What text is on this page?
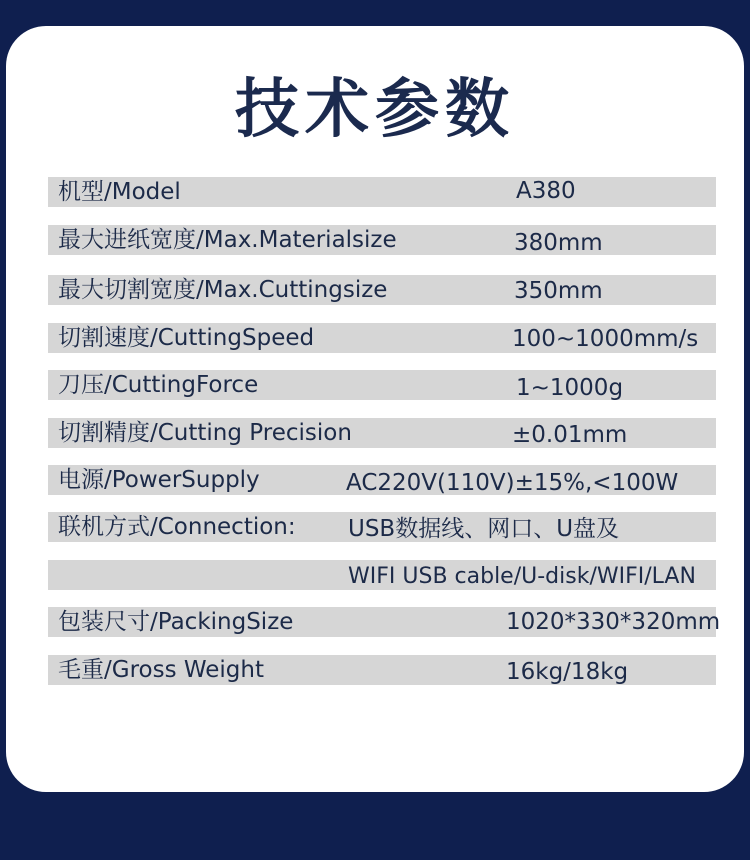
技术参数
机型/Model	A380
最大进纸宽度/Max.Materialsize	380mm
最大切割宽度/Max.Cuttingsize	350mm
切割速度/CuttingSpeed	100~1000mm/s
刀压/CuttingForce	1~1000g
切割精度/Cutting Precision	±0.01mm
电源/PowerSupply	AC220V(110V)±15%,<100W
联机方式/Connection: USB数据线、网口、U盘及
WIFI USB cable/U-disk/WIFI/LAN
包装尺寸/PackingSize	1020*330*320mm
毛重/Gross Weight	16kg/18kg
